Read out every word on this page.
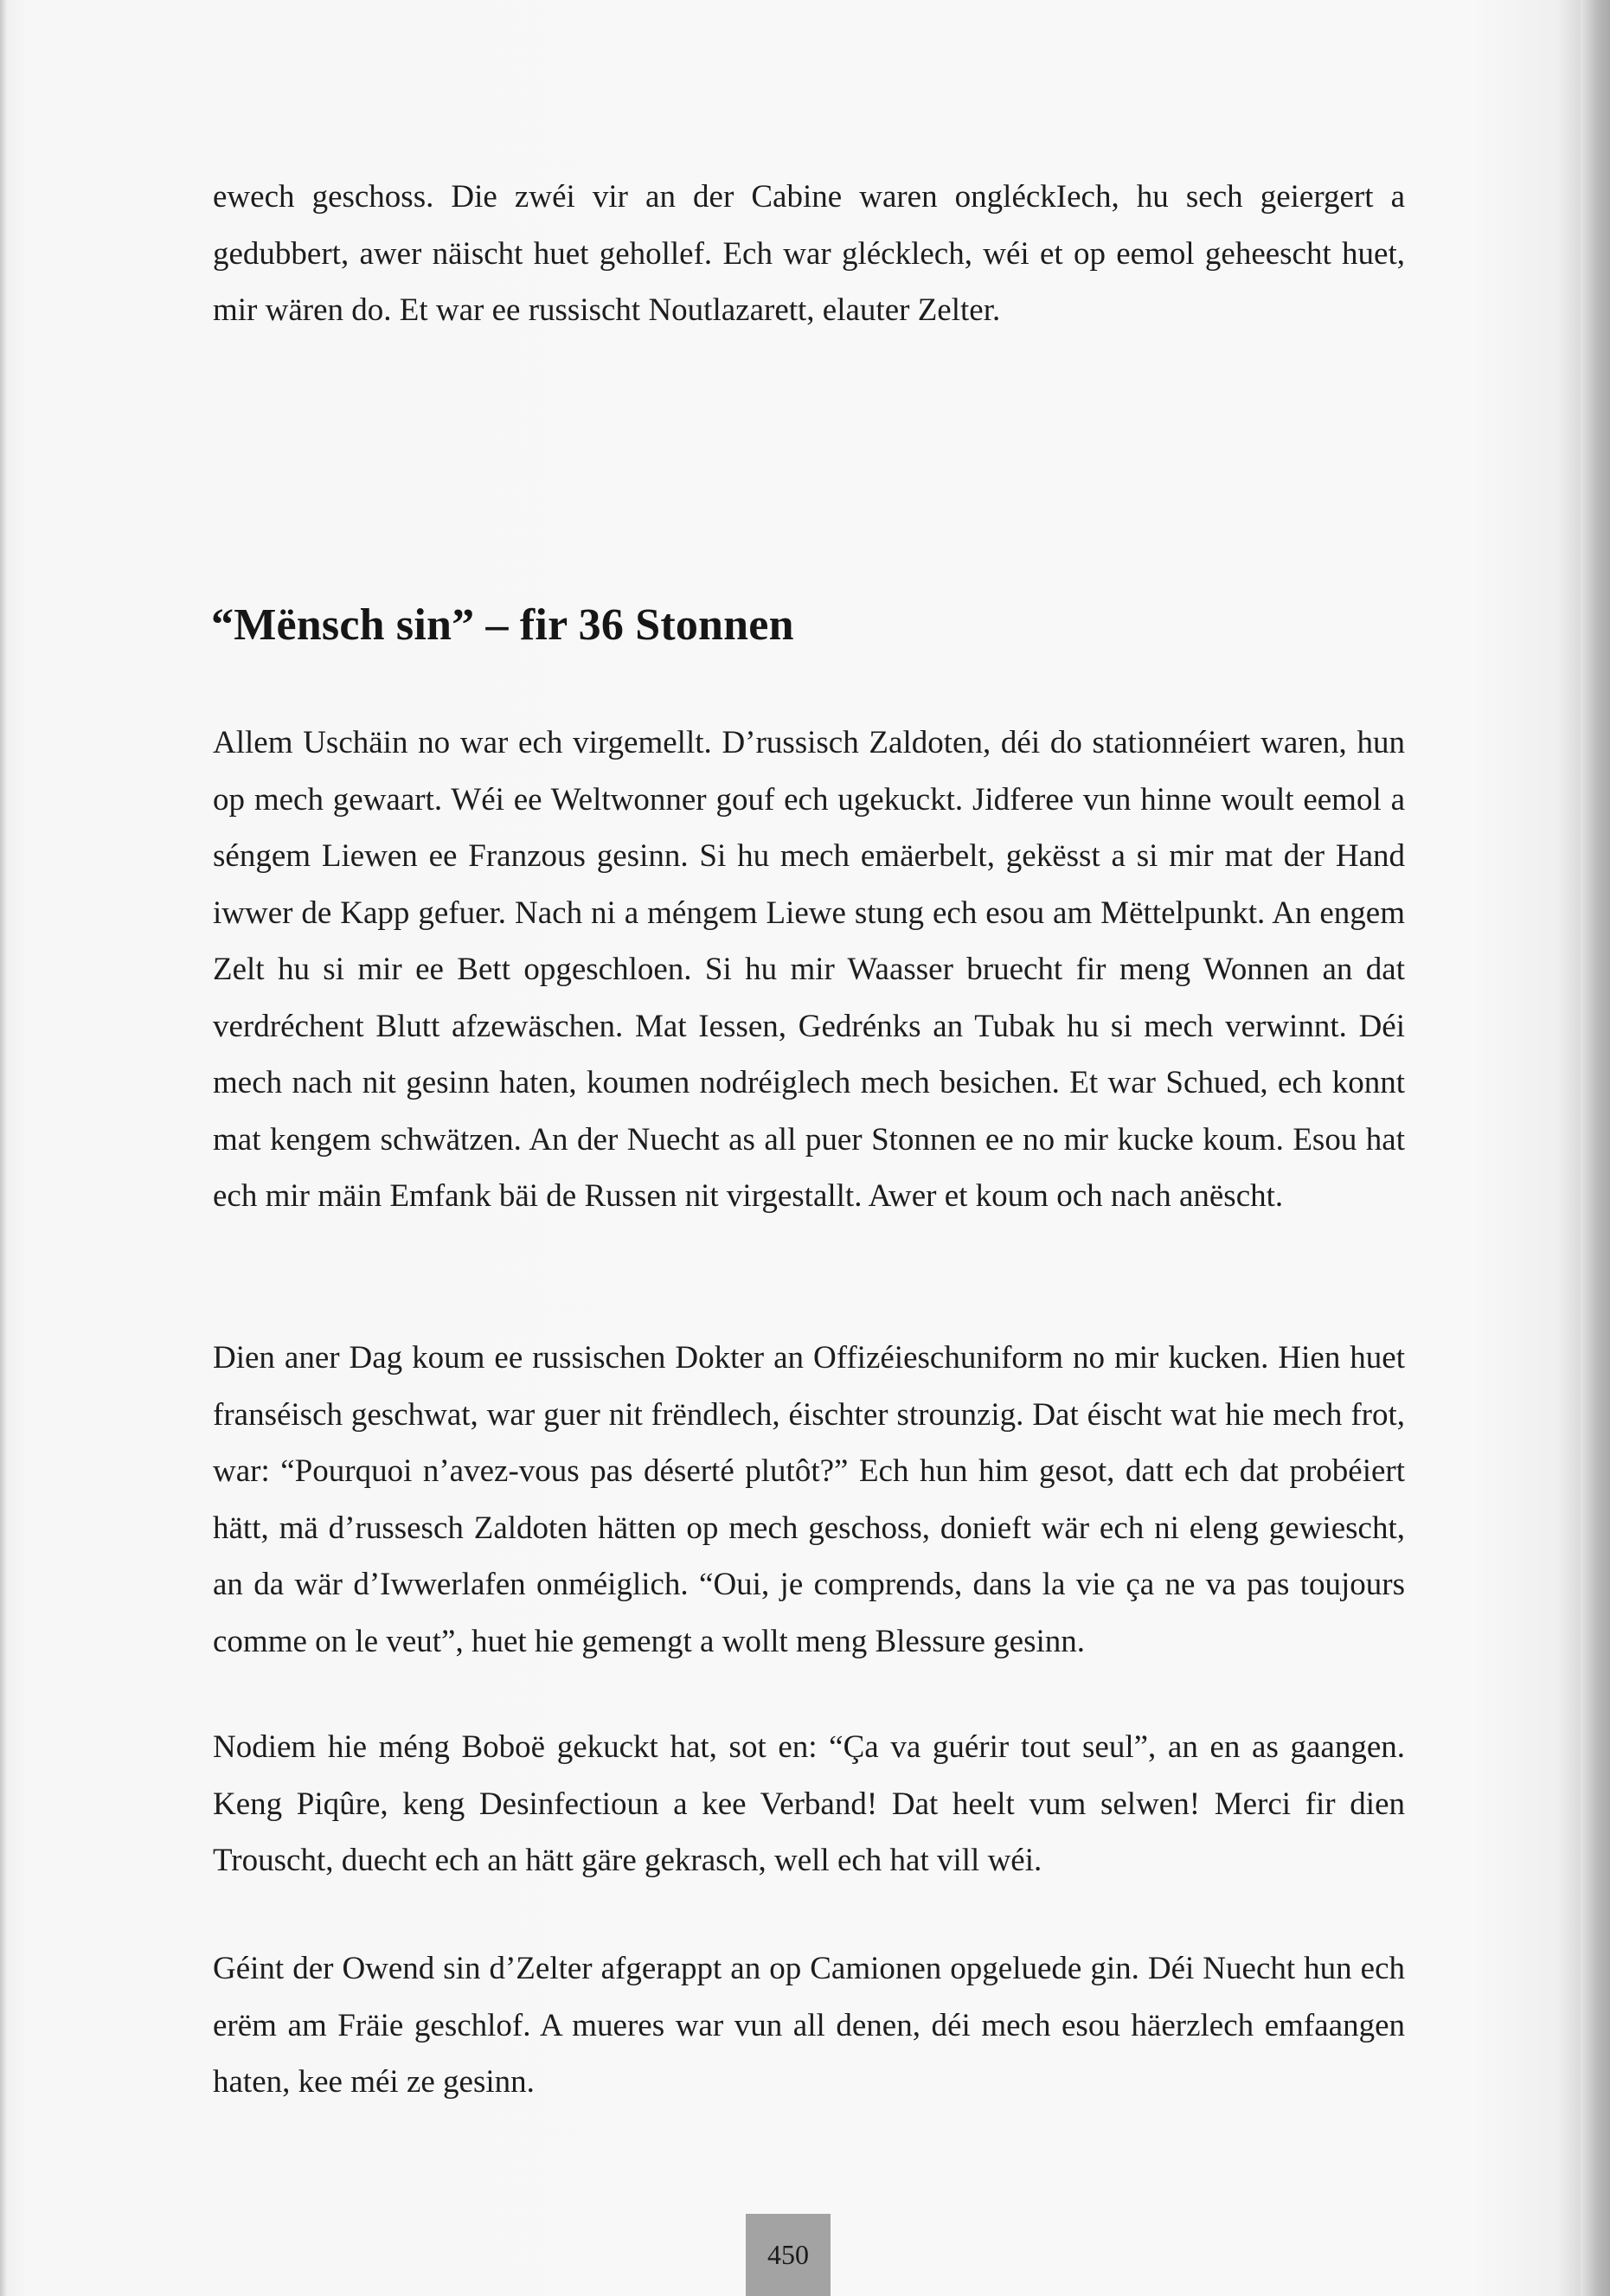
ewech geschoss. Die zwéi vir an der Cabine waren ongléckIech, hu sech geiergert a gedubbert, awer näischt huet gehollef. Ech war glécklech, wéi et op eemol geheescht huet, mir wären do. Et war ee russischt Noutlazarett, elauter Zelter.

“Mënsch sin” – fir 36 Stonnen

Allem Uschäin no war ech virgemellt. D’russisch Zaldoten, déi do stationnéiert waren, hun op mech gewaart. Wéi ee Weltwonner gouf ech ugekuckt. Jidferee vun hinne woult eemol a séngem Liewen ee Franzous gesinn. Si hu mech emäerbelt, gekësst a si mir mat der Hand iwwer de Kapp gefuer. Nach ni a méngem Liewe stung ech esou am Mëttelpunkt. An engem Zelt hu si mir ee Bett opgeschloen. Si hu mir Waasser bruecht fir meng Wonnen an dat verdréchent Blutt afzewäschen. Mat Iessen, Gedrénks an Tubak hu si mech verwinnt. Déi mech nach nit gesinn haten, koumen nodréiglech mech besichen. Et war Schued, ech konnt mat kengem schwätzen. An der Nuecht as all puer Stonnen ee no mir kucke koum. Esou hat ech mir mäin Emfank bäi de Russen nit virgestallt. Awer et koum och nach anëscht.

Dien aner Dag koum ee russischen Dokter an Offizéieschuniform no mir kucken. Hien huet franséisch geschwat, war guer nit frëndlech, éischter strounzig. Dat éischt wat hie mech frot, war: “Pourquoi n’avez-vous pas déserté plutôt?” Ech hun him gesot, datt ech dat probéiert hätt, mä d’russesch Zaldoten hätten op mech geschoss, donieft wär ech ni eleng gewiescht, an da wär d’Iwwerlafen onméiglich. “Oui, je comprends, dans la vie ça ne va pas toujours comme on le veut”, huet hie gemengt a wollt meng Blessure gesinn.

Nodiem hie méng Boboë gekuckt hat, sot en: “Ça va guérir tout seul”, an en as gaangen. Keng Piqûre, keng Desinfectioun a kee Verband! Dat heelt vum selwen! Merci fir dien Trouscht, duecht ech an hätt gäre gekrasch, well ech hat vill wéi.

Géint der Owend sin d’Zelter afgerappt an op Camionen opgeluede gin. Déi Nuecht hun ech erëm am Fräie geschlof. A mueres war vun all denen, déi mech esou häerzlech emfaangen haten, kee méi ze gesinn.

450
